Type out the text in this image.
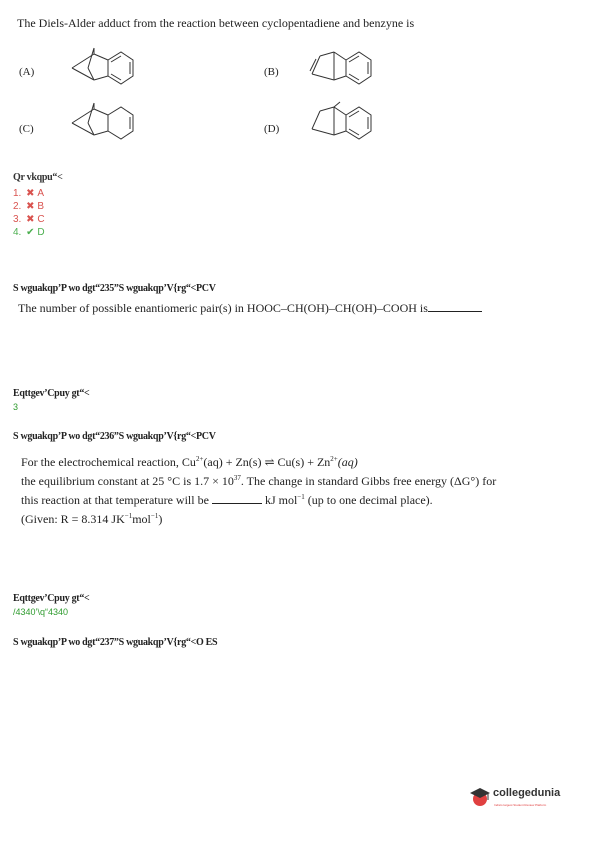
The Diels-Alder adduct from the reaction between cyclopentadiene and benzyne is
(A)	(B)
(C)	(D)
Qr vkqpu“<
1. ✖ A
2. ✖ B
3. ✖ C
4. ✔ D
S wguakqp’P wo dgt“235”S wguakqp’V{rg“<PCV
The number of possible enantiomeric pair(s) in HOOC–CH(OH)–CH(OH)–COOH is
Eqttgev’Cpuy gt“<
3
S wguakqp’P wo dgt“236”S wguakqp’V{rg“<PCV
For the electrochemical reaction, $Cu^{2+}(aq) + Zn(s)$ ⇌ $Cu(s) + Zn^{2+}(aq)$
the equilibrium constant at 25 °C is $1.7 \times 10^{37}$. The change in standard Gibbs free energy (ΔG°) for
this reaction at that temperature will be	kJ mol$^{-1}$ (up to one decimal place).
(Given: R = 8.314 $JK^{-1}mol^{-1}$)
Eqttgev’Cpuy gt“<
/4340’\q“4340
S wguakqp’P wo dgt“237”S wguakqp’V{rg“<O ES
collegedunia
India's largest Student Review Platform
